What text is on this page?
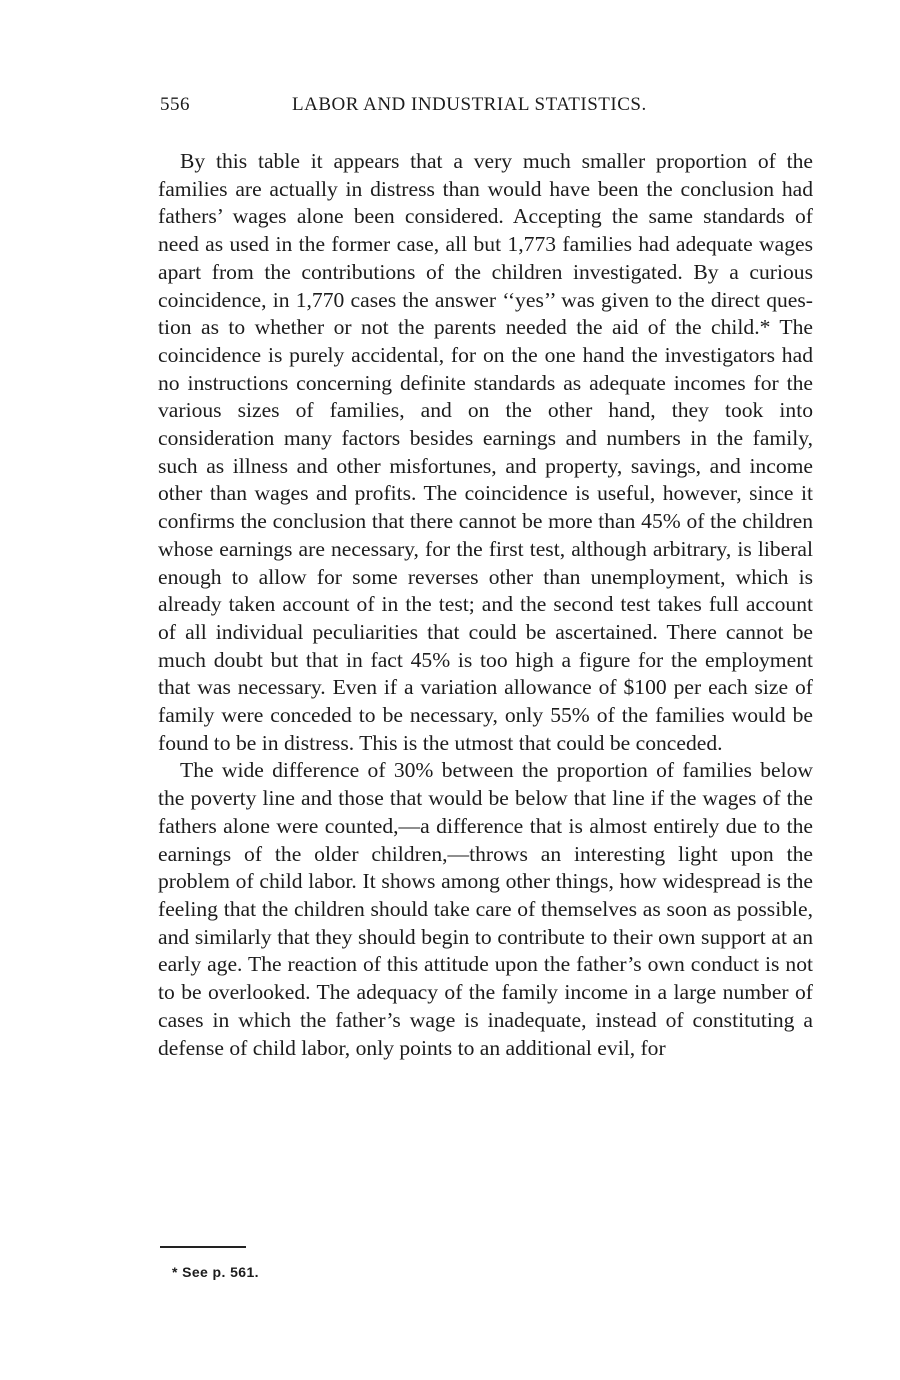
556	LABOR AND INDUSTRIAL STATISTICS.

By this table it appears that a very much smaller proportion of the families are actually in distress than would have been the conclusion had fathers’ wages alone been considered. Accepting the same standards of need as used in the former case, all but 1,773 families had adequate wages apart from the contributions of the children investigated. By a curious coincidence, in 1,770 cases the answer ‘‘yes’’ was given to the direct question as to whether or not the parents needed the aid of the child.* The coincidence is purely accidental, for on the one hand the investigators had no instructions concerning definite standards as adequate incomes for the various sizes of families, and on the other hand, they took into consideration many factors besides earnings and numbers in the family, such as illness and other misfortunes, and property, savings, and income other than wages and profits. The coincidence is useful, however, since it confirms the conclusion that there cannot be more than 45% of the children whose earnings are necessary, for the first test, although arbitrary, is liberal enough to allow for some reverses other than unemployment, which is already taken account of in the test; and the second test takes full account of all individual peculiarities that could be ascertained. There cannot be much doubt but that in fact 45% is too high a figure for the employment that was necessary. Even if a variation allowance of $100 per each size of family were conceded to be necessary, only 55% of the families would be found to be in distress. This is the utmost that could be conceded.

The wide difference of 30% between the proportion of families below the poverty line and those that would be below that line if the wages of the fathers alone were counted,—a difference that is almost entirely due to the earnings of the older children,—throws an interesting light upon the problem of child labor. It shows among other things, how widespread is the feeling that the children should take care of themselves as soon as possible, and similarly that they should begin to contribute to their own support at an early age. The reaction of this attitude upon the father’s own conduct is not to be overlooked. The adequacy of the family income in a large number of cases in which the father’s wage is inadequate, instead of constituting a defense of child labor, only points to an additional evil, for

* See p. 561.
